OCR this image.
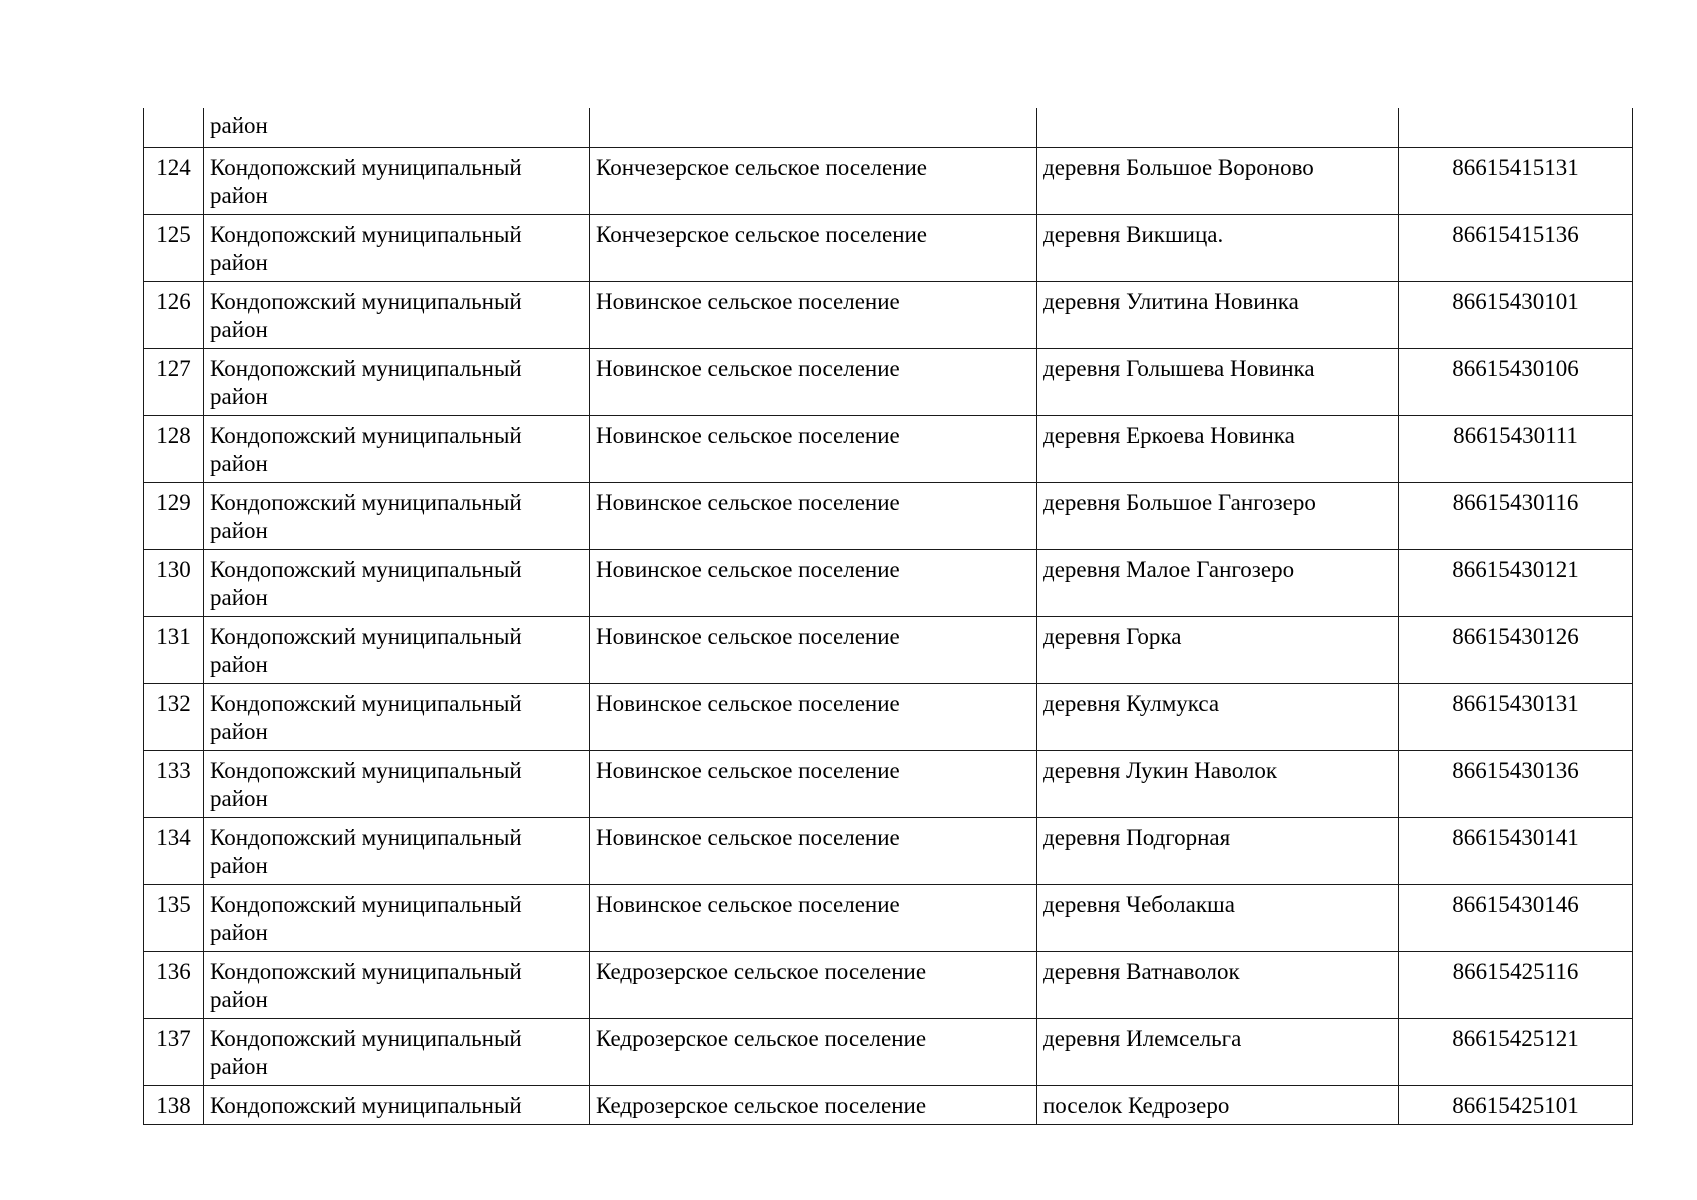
	район			
124	Кондопожский муниципальный район	Кончезерское сельское поселение	деревня Большое Вороново	86615415131
125	Кондопожский муниципальный район	Кончезерское сельское поселение	деревня Викшица.	86615415136
126	Кондопожский муниципальный район	Новинское сельское поселение	деревня Улитина Новинка	86615430101
127	Кондопожский муниципальный район	Новинское сельское поселение	деревня Голышева Новинка	86615430106
128	Кондопожский муниципальный район	Новинское сельское поселение	деревня Еркоева Новинка	86615430111
129	Кондопожский муниципальный район	Новинское сельское поселение	деревня Большое Гангозеро	86615430116
130	Кондопожский муниципальный район	Новинское сельское поселение	деревня Малое Гангозеро	86615430121
131	Кондопожский муниципальный район	Новинское сельское поселение	деревня Горка	86615430126
132	Кондопожский муниципальный район	Новинское сельское поселение	деревня Кулмукса	86615430131
133	Кондопожский муниципальный район	Новинское сельское поселение	деревня Лукин Наволок	86615430136
134	Кондопожский муниципальный район	Новинское сельское поселение	деревня Подгорная	86615430141
135	Кондопожский муниципальный район	Новинское сельское поселение	деревня Чеболакша	86615430146
136	Кондопожский муниципальный район	Кедрозерское сельское поселение	деревня Ватнаволок	86615425116
137	Кондопожский муниципальный район	Кедрозерское сельское поселение	деревня Илемсельга	86615425121
138	Кондопожский муниципальный	Кедрозерское сельское поселение	поселок Кедрозеро	86615425101
